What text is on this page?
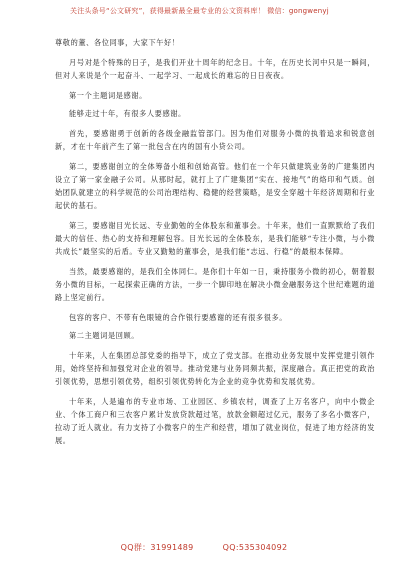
关注头条号“公文研究”，获得最新最全最专业的公文资料库！ 微信：gongwenyj

尊敬的董、各位同事，大家下午好！

月号对是个特殊的日子，是我们开业十周年的纪念日。十年，在历史长河中只是一瞬间，但对人来说是个一起奋斗、一起学习、一起成长的难忘的日日夜夜。

第一个主题词是感谢。

能够走过十年，有很多人要感谢。

首先，要感谢勇于创新的各级金融监管部门。因为他们对服务小微的执着追求和锐意创新，才在十年前产生了第一批包含在内的国有小贷公司。

第二，要感谢创立的全体筹备小组和创始高管。他们在一个年只做建筑业务的广建集团内设立了第一家金融子公司。从那时起，就打上了广建集团“实在、接地气”的烙印和气质。创始团队就建立的科学规范的公司治理结构、稳健的经营策略，是安全穿越十年经济周期和行业起伏的基石。

第三，要感谢目光长远、专业勤勉的全体股东和董事会。十年来，他们一直默默给了我们最大的信任、热心的支持和理解包容。目光长远的全体股东，是我们能够“专注小微，与小微共成长”最坚实的后盾。专业又勤勉的董事会，是我们能“志远、行稳”的最根本保障。

当然，最要感谢的，是我们全体同仁。是你们十年如一日，秉持服务小微的初心，朝着服务小微的目标，一起探索正确的方法，一步一个脚印地在解决小微金融服务这个世纪难题的道路上坚定前行。

包容的客户、不带有色眼镜的合作银行要感谢的还有很多很多。

第二主题词是回顾。

十年来，人在集团总部党委的指导下，成立了党支部。在推动业务发展中发挥党建引领作用，始终坚持和加强党对企业的领导。推动党建与业务同频共振，深度融合。真正把党的政治引领优势，思想引领优势，组织引领优势转化为企业的竞争优势和发展优势。

十年来，人是遍布的专业市场、工业园区、乡镇农村，调查了上万名客户，向中小微企业、个体工商户和三农客户累计发放贷款超过笔，放款金额超过亿元，服务了多名小微客户，拉动了近人就业。有力支持了小微客户的生产和经营，增加了就业岗位，促进了地方经济的发展。

QQ群：31991489	QQ:535304092
